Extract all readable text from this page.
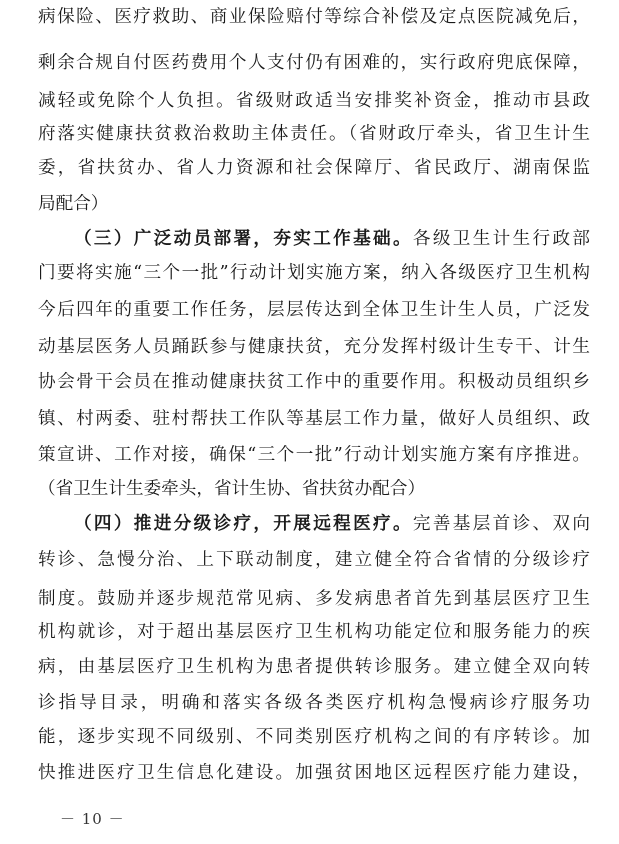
病保险、医疗救助、商业保险赔付等综合补偿及定点医院减免后，
剩余合规自付医药费用个人支付仍有困难的，实行政府兜底保障，
减轻或免除个人负担。省级财政适当安排奖补资金，推动市县政
府落实健康扶贫救治救助主体责任。（省财政厅牵头，省卫生计生
委，省扶贫办、省人力资源和社会保障厅、省民政厅、湖南保监
局配合）
（三）广泛动员部署，夯实工作基础。各级卫生计生行政部
门要将实施“三个一批”行动计划实施方案，纳入各级医疗卫生机构
今后四年的重要工作任务，层层传达到全体卫生计生人员，广泛发
动基层医务人员踊跃参与健康扶贫，充分发挥村级计生专干、计生
协会骨干会员在推动健康扶贫工作中的重要作用。积极动员组织乡
镇、村两委、驻村帮扶工作队等基层工作力量，做好人员组织、政
策宣讲、工作对接，确保“三个一批”行动计划实施方案有序推进。
（省卫生计生委牵头，省计生协、省扶贫办配合）
（四）推进分级诊疗，开展远程医疗。完善基层首诊、双向
转诊、急慢分治、上下联动制度，建立健全符合省情的分级诊疗
制度。鼓励并逐步规范常见病、多发病患者首先到基层医疗卫生
机构就诊，对于超出基层医疗卫生机构功能定位和服务能力的疾
病，由基层医疗卫生机构为患者提供转诊服务。建立健全双向转
诊指导目录，明确和落实各级各类医疗机构急慢病诊疗服务功
能，逐步实现不同级别、不同类别医疗机构之间的有序转诊。加
快推进医疗卫生信息化建设。加强贫困地区远程医疗能力建设，
－ 10 －
